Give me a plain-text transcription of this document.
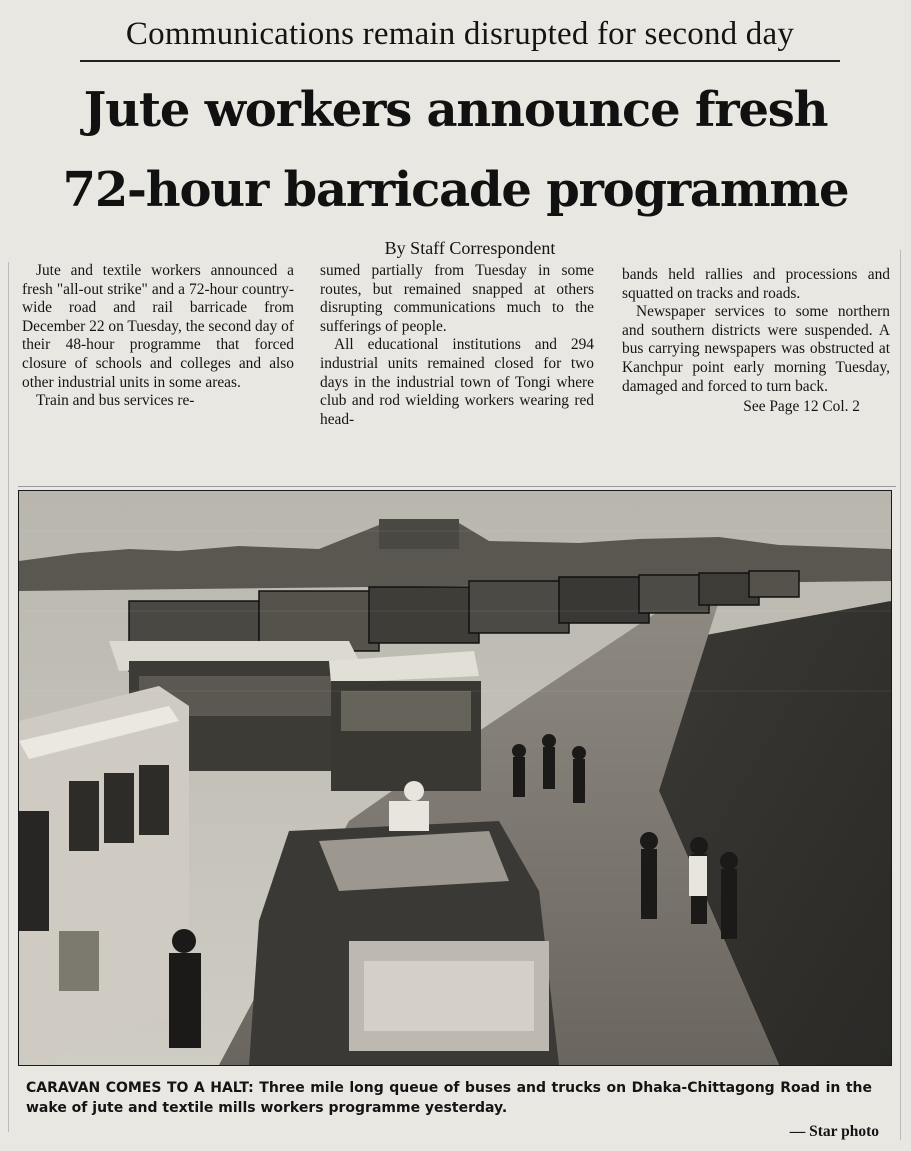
Communications remain disrupted for second day
Jute workers announce fresh
72-hour barricade programme
By Staff Correspondent

Jute and textile workers announced a fresh "all-out strike" and a 72-hour country-wide road and rail barricade from December 22 on Tuesday, the second day of their 48-hour programme that forced closure of schools and colleges and also other industrial units in some areas.

Train and bus services re-

sumed partially from Tuesday in some routes, but remained snapped at others disrupting communications much to the sufferings of people.

All educational institutions and 294 industrial units remained closed for two days in the industrial town of Tongi where club and rod wielding workers wearing red head-

bands held rallies and processions and squatted on tracks and roads.

Newspaper services to some northern and southern districts were suspended. A bus carrying newspapers was obstructed at Kanchpur point early morning Tuesday, damaged and forced to turn back.

See Page 12 Col. 2
CARAVAN COMES TO A HALT: Three mile long queue of buses and trucks on Dhaka-Chittagong Road in the wake of jute and textile mills workers programme yesterday.
— Star photo
